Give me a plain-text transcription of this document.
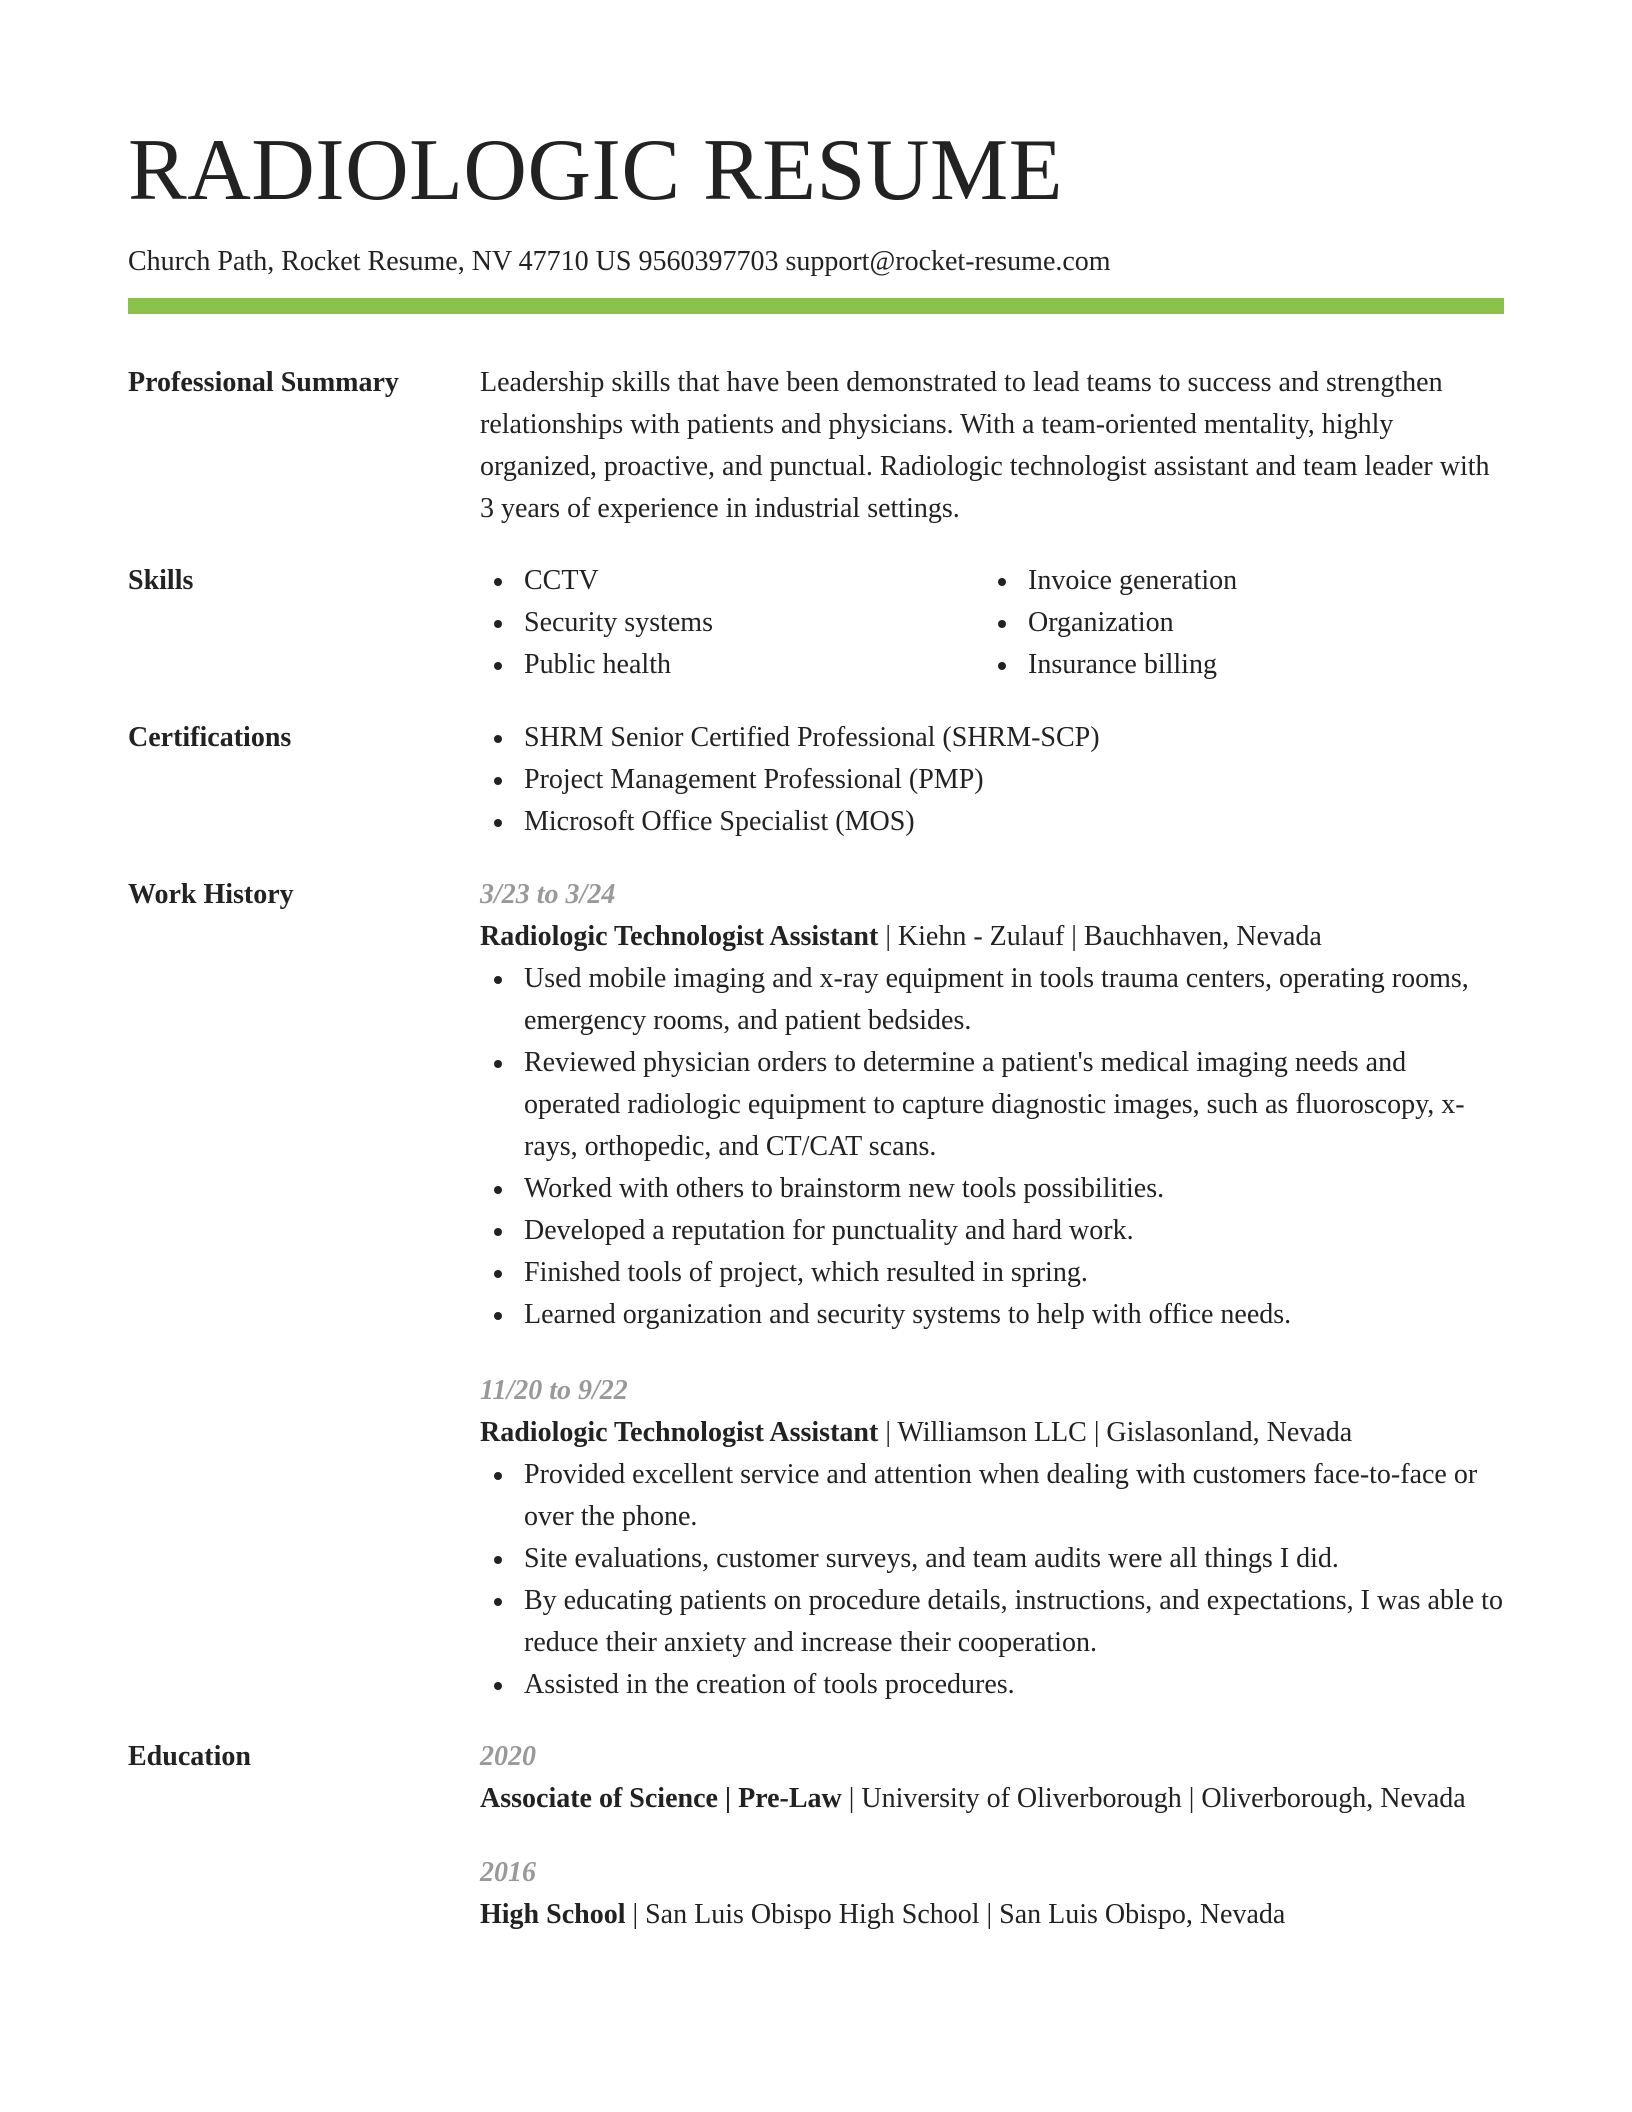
RADIOLOGIC RESUME
Church Path, Rocket Resume, NV 47710 US 9560397703 support@rocket-resume.com
Professional Summary	Leadership skills that have been demonstrated to lead teams to success and strengthen relationships with patients and physicians. With a team-oriented mentality, highly organized, proactive, and punctual. Radiologic technologist assistant and team leader with 3 years of experience in industrial settings.

Skills	CCTV
Security systems
Public health
Invoice generation
Organization
Insurance billing
Certifications	SHRM Senior Certified Professional (SHRM-SCP)
Project Management Professional (PMP)
Microsoft Office Specialist (MOS)
Work History	3/23 to 3/24
Radiologic Technologist Assistant | Kiehn - Zulauf | Bauchhaven, Nevada
Used mobile imaging and x-ray equipment in tools trauma centers, operating rooms, emergency rooms, and patient bedsides.
Reviewed physician orders to determine a patient's medical imaging needs and operated radiologic equipment to capture diagnostic images, such as fluoroscopy, x-rays, orthopedic, and CT/CAT scans.
Worked with others to brainstorm new tools possibilities.
Developed a reputation for punctuality and hard work.
Finished tools of project, which resulted in spring.
Learned organization and security systems to help with office needs.
11/20 to 9/22
Radiologic Technologist Assistant | Williamson LLC | Gislasonland, Nevada
Provided excellent service and attention when dealing with customers face-to-face or over the phone.
Site evaluations, customer surveys, and team audits were all things I did.
By educating patients on procedure details, instructions, and expectations, I was able to reduce their anxiety and increase their cooperation.
Assisted in the creation of tools procedures.
Education	2020
Associate of Science | Pre-Law | University of Oliverborough | Oliverborough, Nevada
2016
High School | San Luis Obispo High School | San Luis Obispo, Nevada
